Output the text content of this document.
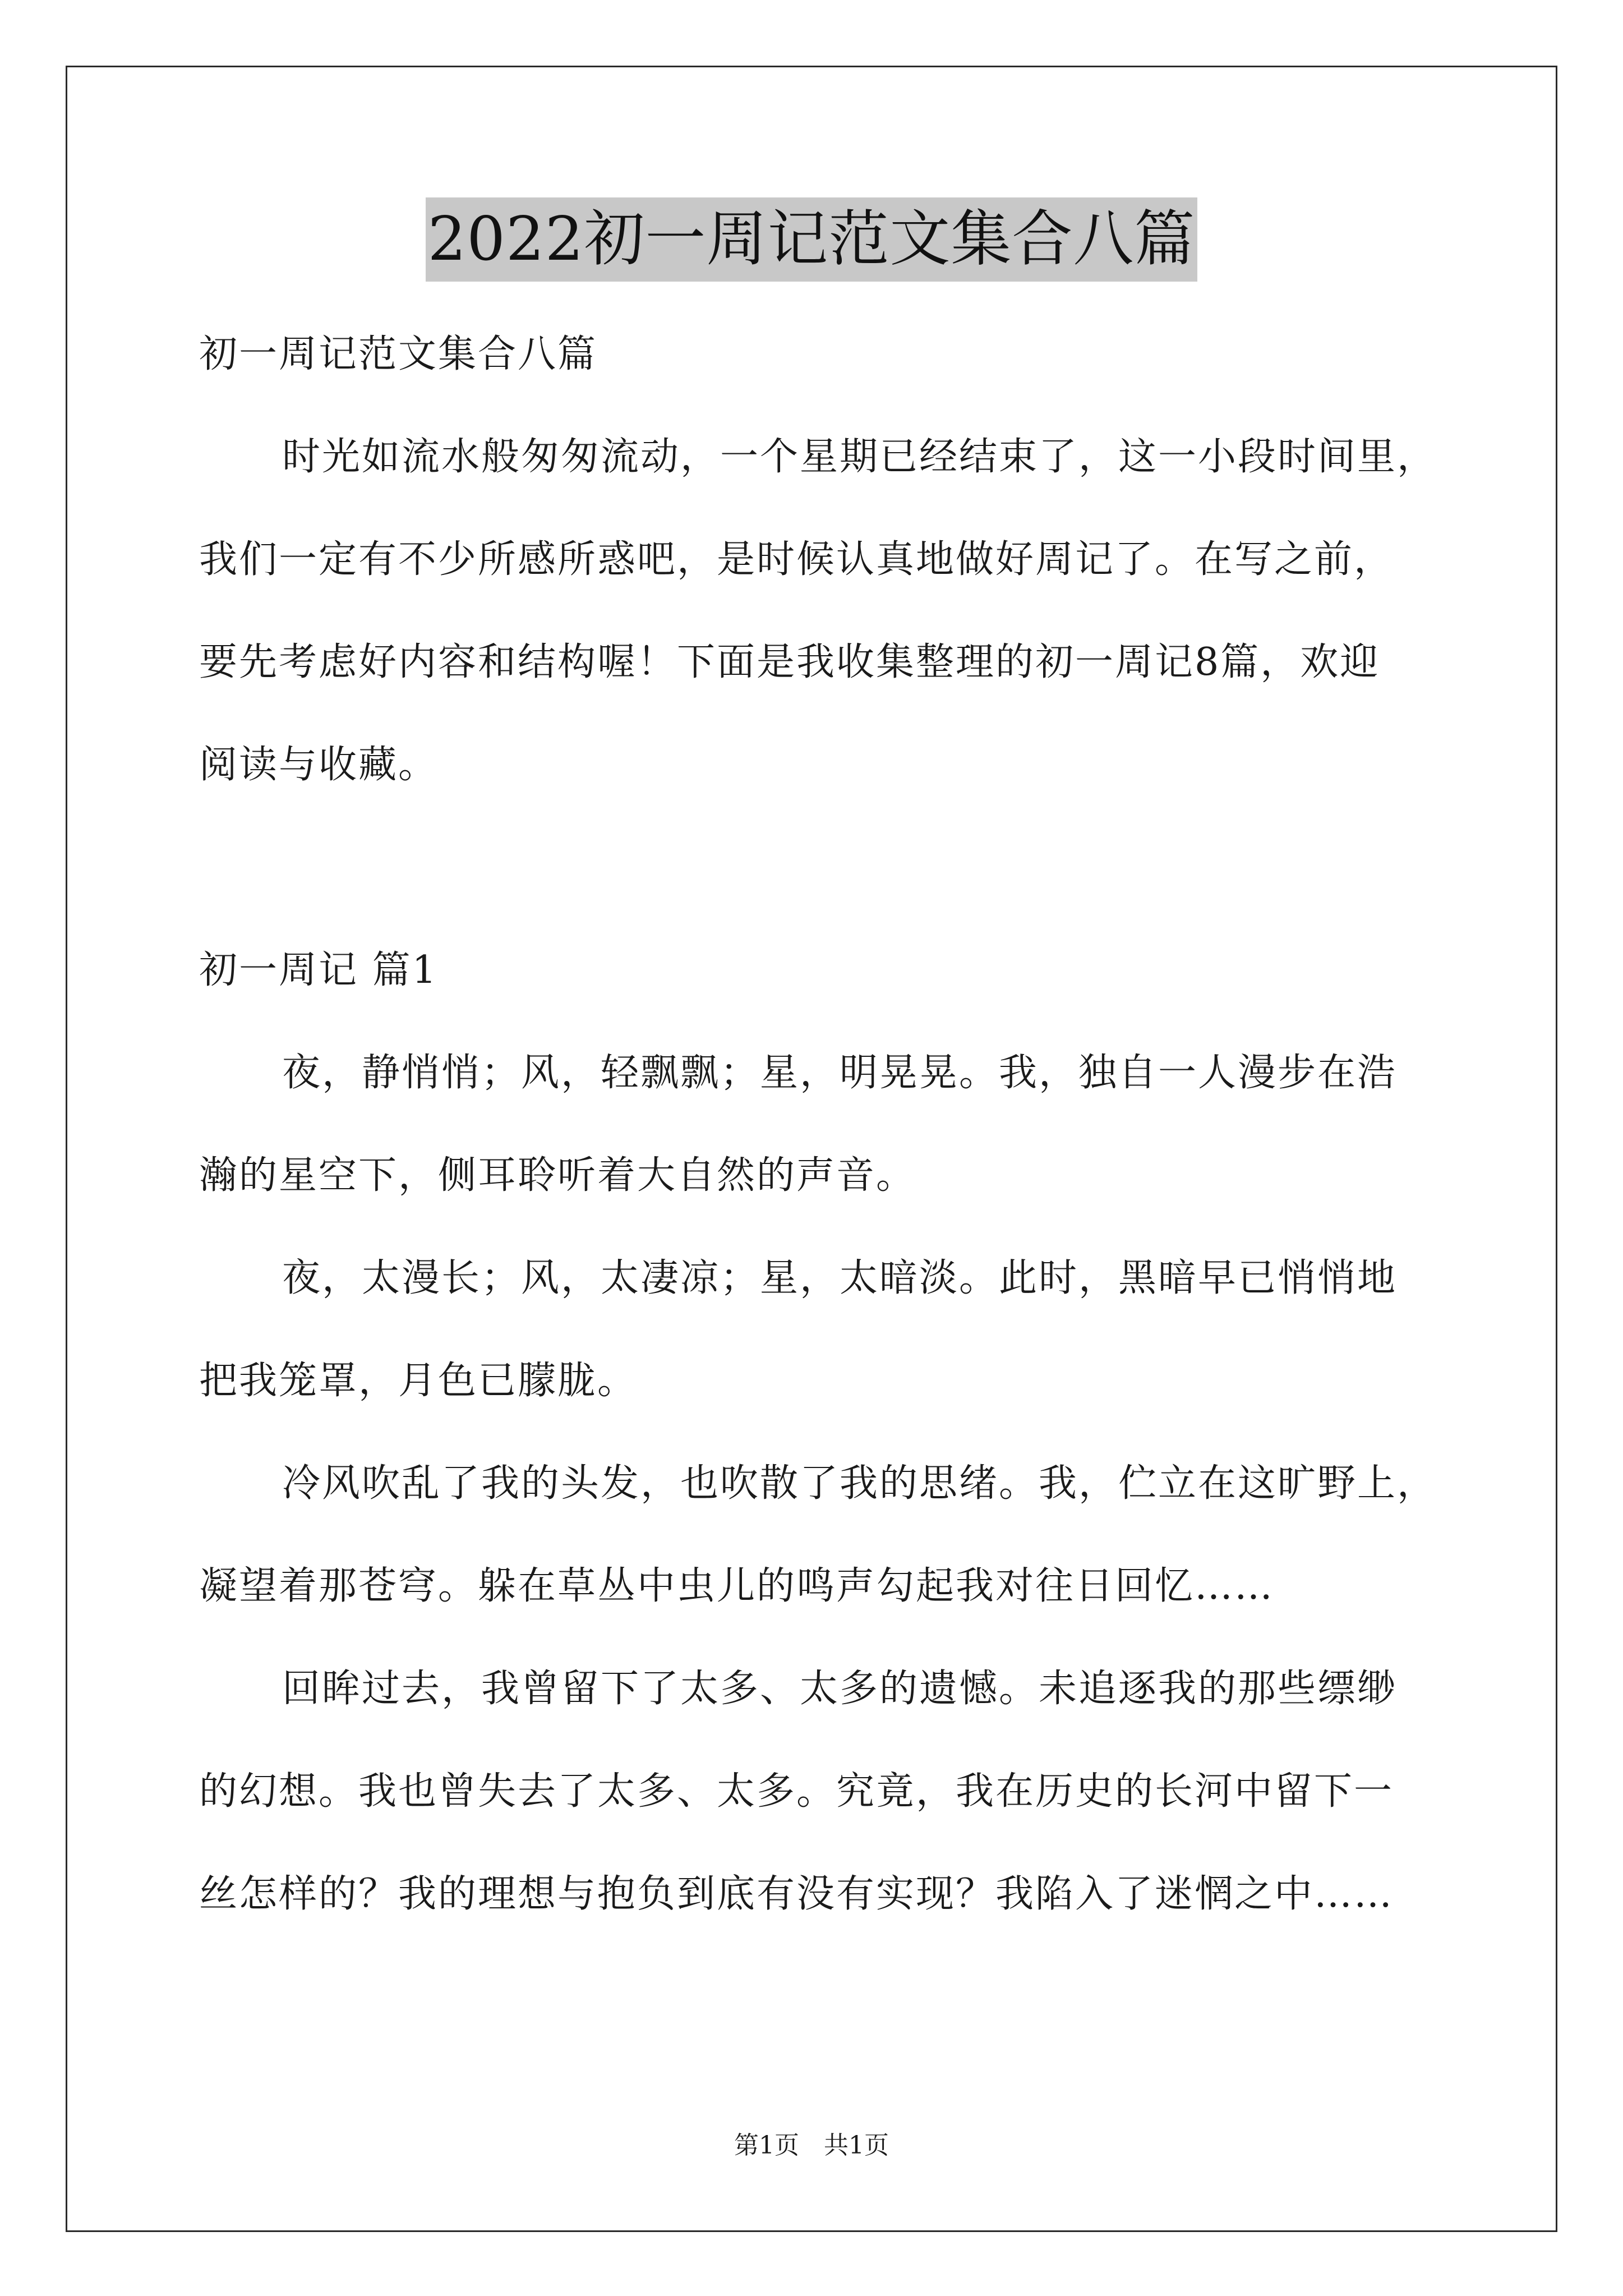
2022初一周记范文集合八篇
初一周记范文集合八篇
时光如流水般匆匆流动，一个星期已经结束了，这一小段时间里，
我们一定有不少所感所惑吧，是时候认真地做好周记了。在写之前，
要先考虑好内容和结构喔！下面是我收集整理的初一周记8篇，欢迎
阅读与收藏。
初一周记 篇1
夜，静悄悄；风，轻飘飘；星，明晃晃。我，独自一人漫步在浩
瀚的星空下，侧耳聆听着大自然的声音。
夜，太漫长；风，太凄凉；星，太暗淡。此时，黑暗早已悄悄地
把我笼罩，月色已朦胧。
冷风吹乱了我的头发，也吹散了我的思绪。我，伫立在这旷野上，
凝望着那苍穹。躲在草丛中虫儿的鸣声勾起我对往日回忆……
回眸过去，我曾留下了太多、太多的遗憾。未追逐我的那些缥缈
的幻想。我也曾失去了太多、太多。究竟，我在历史的长河中留下一
丝怎样的？我的理想与抱负到底有没有实现？我陷入了迷惘之中……
第1页 共1页
